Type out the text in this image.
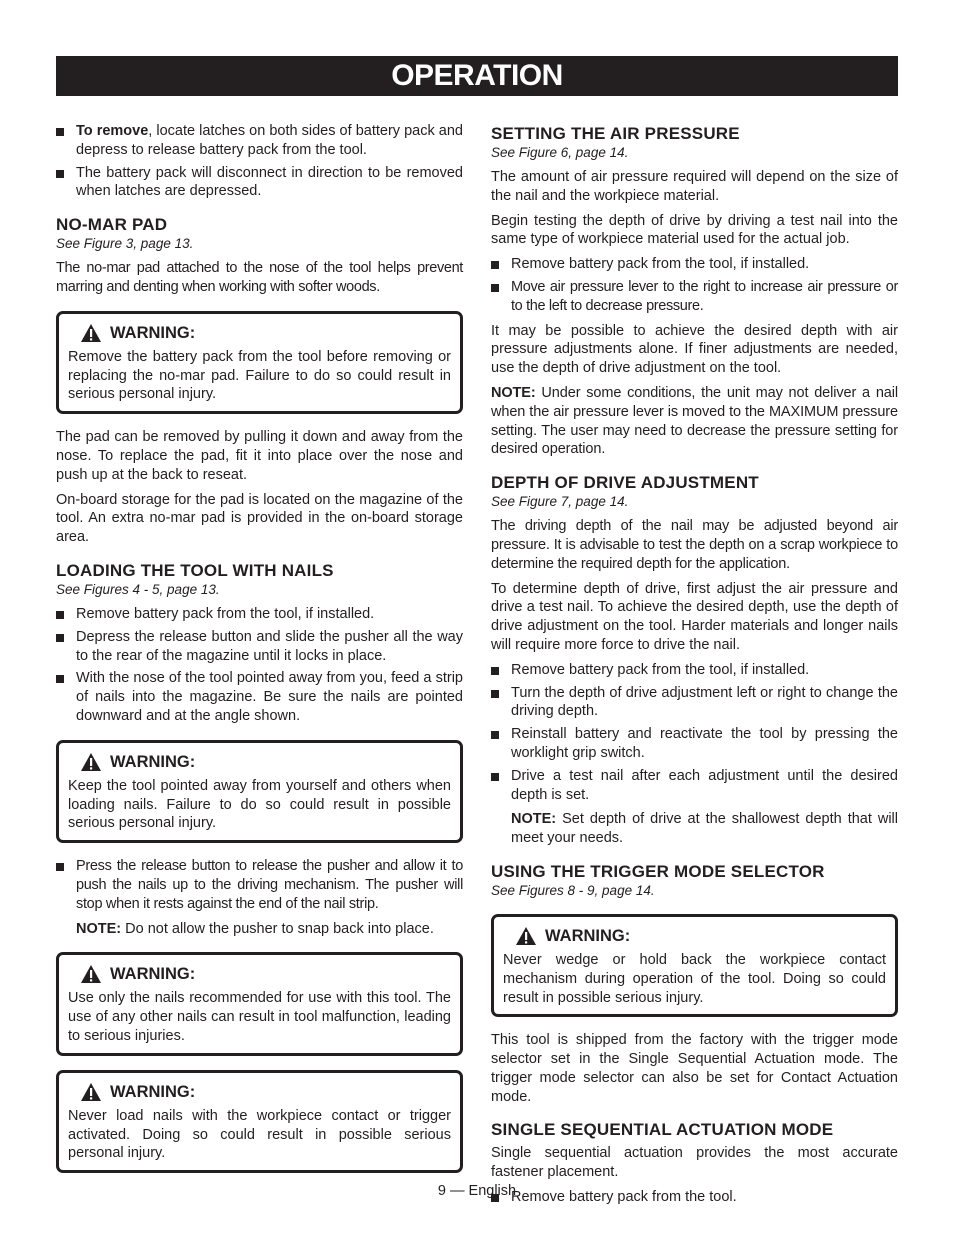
OPERATION
To remove, locate latches on both sides of battery pack and depress to release battery pack from the tool.
The battery pack will disconnect in direction to be removed when latches are depressed.
NO-MAR PAD
See Figure 3, page 13.

The no-mar pad attached to the nose of the tool helps prevent marring and denting when working with softer woods.

WARNING:

Remove the battery pack from the tool before removing or replacing the no-mar pad. Failure to do so could result in serious personal injury.

The pad can be removed by pulling it down and away from the nose. To replace the pad, fit it into place over the nose and push up at the back to reseat.

On-board storage for the pad is located on the magazine of the tool. An extra no-mar pad is provided in the on-board storage area.

LOADING THE TOOL WITH NAILS
See Figures 4 - 5, page 13.
Remove battery pack from the tool, if installed.
Depress the release button and slide the pusher all the way to the rear of the magazine until it locks in place.
With the nose of the tool pointed away from you, feed a strip of nails into the magazine. Be sure the nails are pointed downward and at the angle shown.
WARNING:

Keep the tool pointed away from yourself and others when loading nails. Failure to do so could result in possible serious personal injury.

Press the release button to release the pusher and allow it to push the nails up to the driving mechanism. The pusher will stop when it rests against the end of the nail strip.
NOTE: Do not allow the pusher to snap back into place.
WARNING:

Use only the nails recommended for use with this tool. The use of any other nails can result in tool malfunction, leading to serious injuries.

WARNING:

Never load nails with the workpiece contact or trigger activated. Doing so could result in possible serious personal injury.

SETTING THE AIR PRESSURE
See Figure 6, page 14.

The amount of air pressure required will depend on the size of the nail and the workpiece material.

Begin testing the depth of drive by driving a test nail into the same type of workpiece material used for the actual job.

Remove battery pack from the tool, if installed.
Move air pressure lever to the right to increase air pressure or to the left to decrease pressure.

It may be possible to achieve the desired depth with air pressure adjustments alone. If finer adjustments are needed, use the depth of drive adjustment on the tool.

NOTE: Under some conditions, the unit may not deliver a nail when the air pressure lever is moved to the MAXIMUM pressure setting. The user may need to decrease the pressure setting for desired operation.

DEPTH OF DRIVE ADJUSTMENT
See Figure 7, page 14.

The driving depth of the nail may be adjusted beyond air pressure. It is advisable to test the depth on a scrap workpiece to determine the required depth for the application.

To determine depth of drive, first adjust the air pressure and drive a test nail. To achieve the desired depth, use the depth of drive adjustment on the tool. Harder materials and longer nails will require more force to drive the nail.

Remove battery pack from the tool, if installed.
Turn the depth of drive adjustment left or right to change the driving depth.
Reinstall battery and reactivate the tool by pressing the worklight grip switch.
Drive a test nail after each adjustment until the desired depth is set.
NOTE: Set depth of drive at the shallowest depth that will meet your needs.
USING THE TRIGGER MODE SELECTOR
See Figures 8 - 9, page 14.
WARNING:

Never wedge or hold back the workpiece contact mechanism during operation of the tool. Doing so could result in possible serious injury.

This tool is shipped from the factory with the trigger mode selector set in the Single Sequential Actuation mode. The trigger mode selector can also be set for Contact Actuation mode.

SINGLE SEQUENTIAL ACTUATION MODE

Single sequential actuation provides the most accurate fastener placement.

Remove battery pack from the tool.
9 — English
